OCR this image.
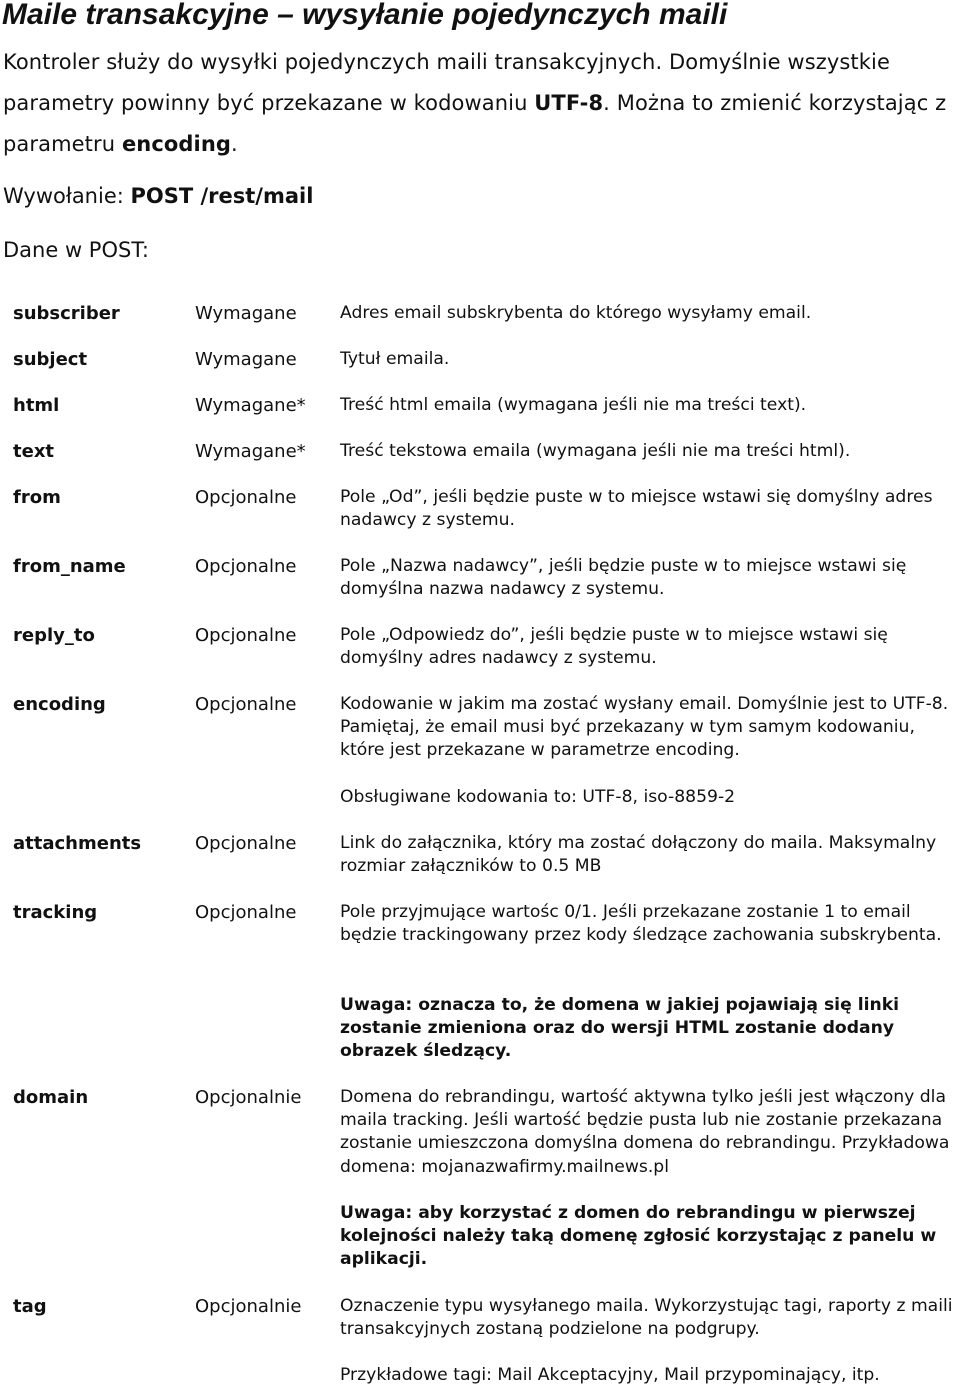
Maile transakcyjne – wysyłanie pojedynczych maili

Kontroler służy do wysyłki pojedynczych maili transakcyjnych. Domyślnie wszystkie parametry powinny być przekazane w kodowaniu UTF-8. Można to zmienić korzystając z parametru encoding.

Wywołanie: POST /rest/mail

Dane w POST:

subscriber	Wymagane	Adres email subskrybenta do którego wysyłamy email.
subject	Wymagane	Tytuł emaila.
html	Wymagane* Treść html emaila (wymagana jeśli nie ma treści text).
text	Wymagane* Treść tekstowa emaila (wymagana jeśli nie ma treści html).
from	Opcjonalne	Pole „Od”, jeśli będzie puste w to miejsce wstawi się domyślny adres nadawcy z systemu.
from_name	Opcjonalne	Pole „Nazwa nadawcy”, jeśli będzie puste w to miejsce wstawi się domyślna nazwa nadawcy z systemu.
reply_to	Opcjonalne	Pole „Odpowiedz do”, jeśli będzie puste w to miejsce wstawi się domyślny adres nadawcy z systemu.
encoding	Opcjonalne	Kodowanie w jakim ma zostać wysłany email. Domyślnie jest to UTF-8. Pamiętaj, że email musi być przekazany w tym samym kodowaniu, które jest przekazane w parametrze encoding.
Obsługiwane kodowania to: UTF-8, iso-8859-2
attachments	Opcjonalne	Link do załącznika, który ma zostać dołączony do maila. Maksymalny rozmiar załączników to 0.5 MB
tracking	Opcjonalne	Pole przyjmujące wartośc 0/1. Jeśli przekazane zostanie 1 to email będzie trackingowany przez kody śledzące zachowania subskrybenta.
Uwaga: oznacza to, że domena w jakiej pojawiają się linki zostanie zmieniona oraz do wersji HTML zostanie dodany obrazek śledzący.
domain	Opcjonalnie Domena do rebrandingu, wartość aktywna tylko jeśli jest włączony dla maila tracking. Jeśli wartość będzie pusta lub nie zostanie przekazana zostanie umieszczona domyślna domena do rebrandingu. Przykładowa domena: mojanazwafirmy.mailnews.pl
Uwaga: aby korzystać z domen do rebrandingu w pierwszej kolejności należy taką domenę zgłosić korzystając z panelu w aplikacji.
tag	Opcjonalnie Oznaczenie typu wysyłanego maila. Wykorzystując tagi, raporty z maili transakcyjnych zostaną podzielone na podgrupy.
Przykładowe tagi: Mail Akceptacyjny, Mail przypominający, itp.
